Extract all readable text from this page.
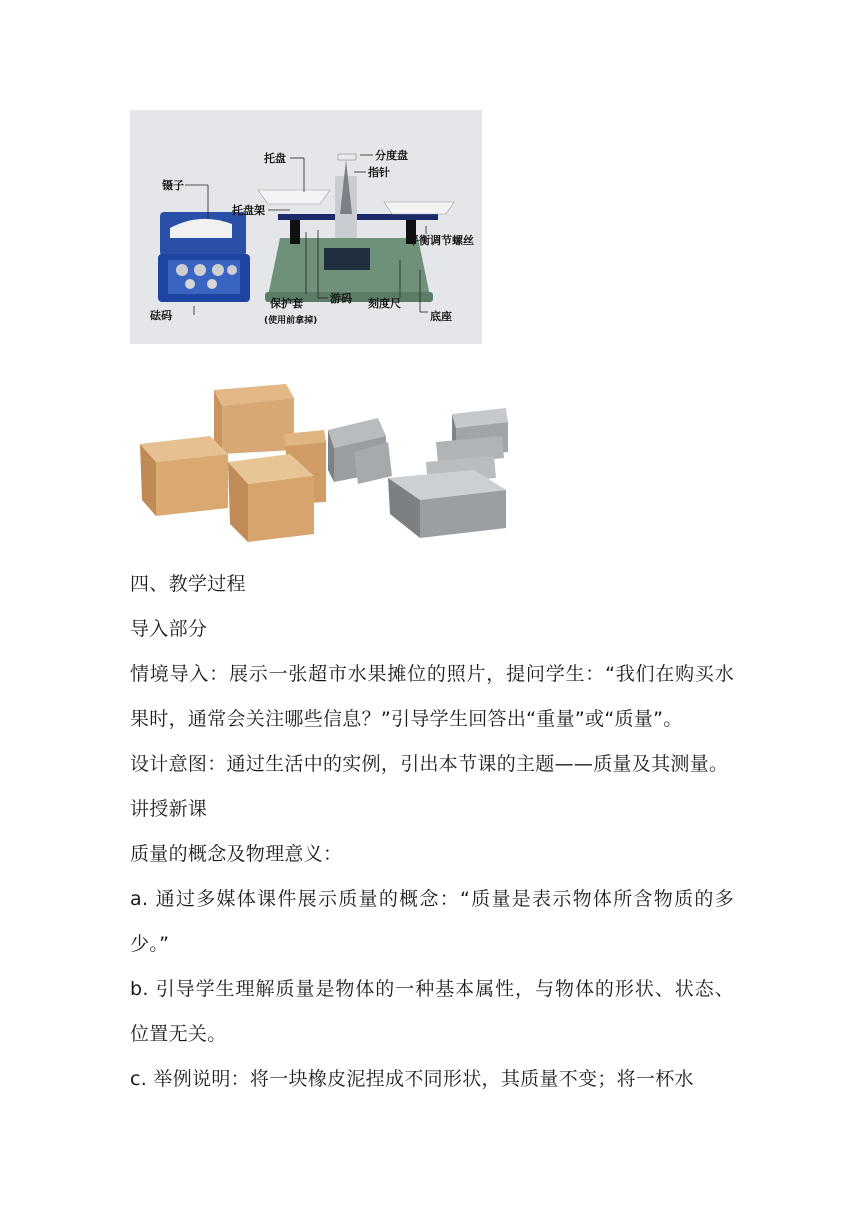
托盘	分度盘
指针
镊子
托盘架
平衡调节螺丝
保护套
(使用前拿掉)
游码 刻度尺
底座
砝码

四、教学过程

导入部分

情境导入：展示一张超市水果摊位的照片，提问学生：“我们在购买水果时，通常会关注哪些信息？”引导学生回答出“重量”或“质量”。

设计意图：通过生活中的实例，引出本节课的主题——质量及其测量。

讲授新课

质量的概念及物理意义：

a. 通过多媒体课件展示质量的概念：“质量是表示物体所含物质的多少。”

b. 引导学生理解质量是物体的一种基本属性，与物体的形状、状态、位置无关。

c. 举例说明：将一块橡皮泥捏成不同形状，其质量不变；将一杯水
